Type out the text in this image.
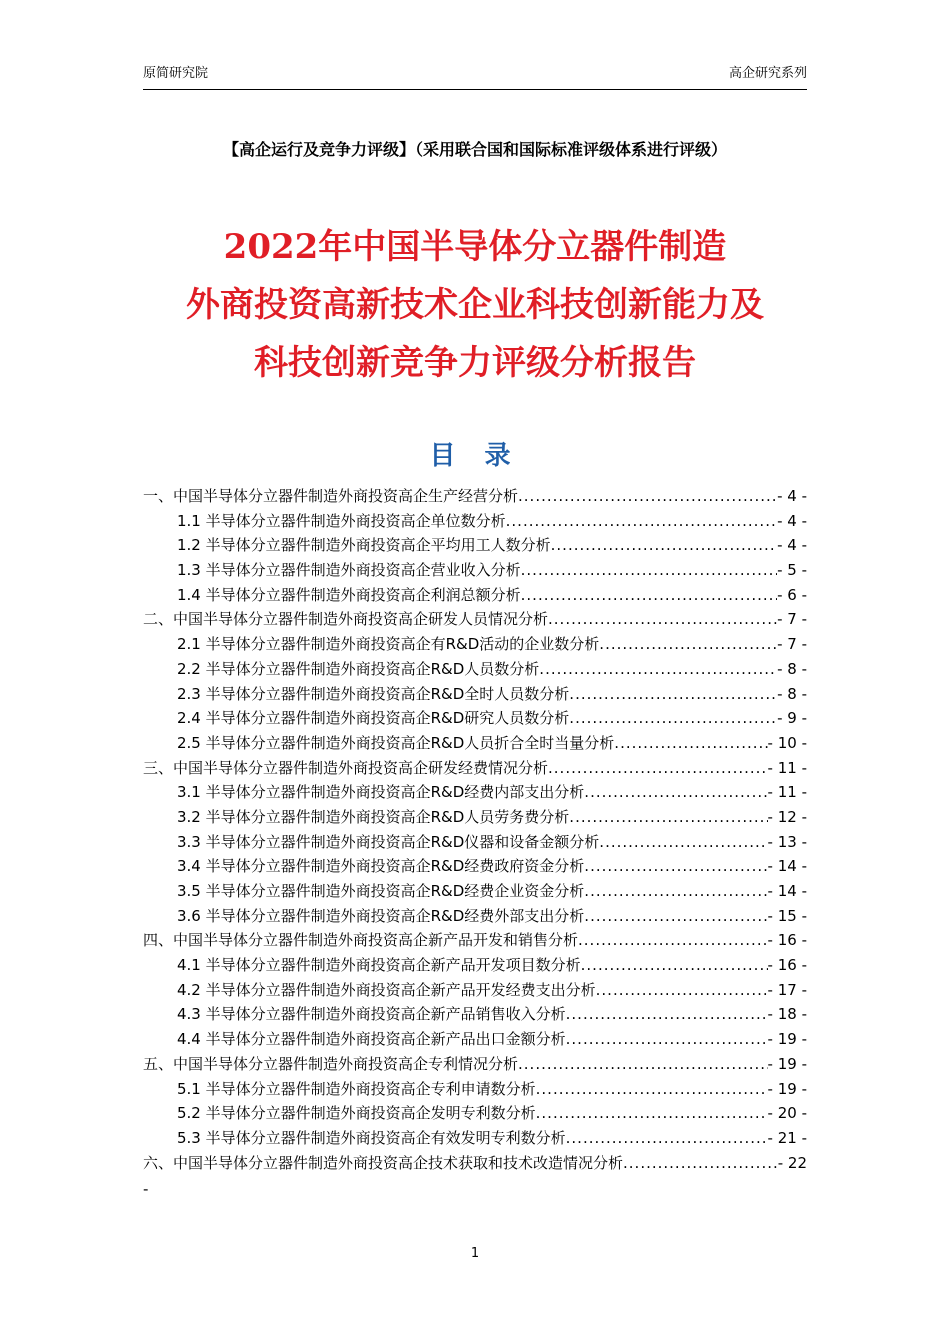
原简研究院	高企研究系列
【高企运行及竞争力评级】（采用联合国和国际标准评级体系进行评级）
2022年中国半导体分立器件制造
外商投资高新技术企业科技创新能力及
科技创新竞争力评级分析报告
目 录
一、中国半导体分立器件制造外商投资高企生产经营分析 .....	- 4 -
1.1 半导体分立器件制造外商投资高企单位数分析 .....	- 4 -
1.2 半导体分立器件制造外商投资高企平均用工人数分析 .....	- 4 -
1.3 半导体分立器件制造外商投资高企营业收入分析 .....	- 5 -
1.4 半导体分立器件制造外商投资高企利润总额分析 .....	- 6 -
二、中国半导体分立器件制造外商投资高企研发人员情况分析 .....	- 7 -
2.1 半导体分立器件制造外商投资高企有R&D活动的企业数分析 .....	- 7 -
2.2 半导体分立器件制造外商投资高企R&D人员数分析 .....	- 8 -
2.3 半导体分立器件制造外商投资高企R&D全时人员数分析 .....	- 8 -
2.4 半导体分立器件制造外商投资高企R&D研究人员数分析 .....	- 9 -
2.5 半导体分立器件制造外商投资高企R&D人员折合全时当量分析 .....	- 10 -
三、中国半导体分立器件制造外商投资高企研发经费情况分析 .....	- 11 -
3.1 半导体分立器件制造外商投资高企R&D经费内部支出分析 .....	- 11 -
3.2 半导体分立器件制造外商投资高企R&D人员劳务费分析 .....	- 12 -
3.3 半导体分立器件制造外商投资高企R&D仪器和设备金额分析 .....	- 13 -
3.4 半导体分立器件制造外商投资高企R&D经费政府资金分析 .....	- 14 -
3.5 半导体分立器件制造外商投资高企R&D经费企业资金分析 .....	- 14 -
3.6 半导体分立器件制造外商投资高企R&D经费外部支出分析 .....	- 15 -
四、中国半导体分立器件制造外商投资高企新产品开发和销售分析 .....	- 16 -
4.1 半导体分立器件制造外商投资高企新产品开发项目数分析 .....	- 16 -
4.2 半导体分立器件制造外商投资高企新产品开发经费支出分析 .....	- 17 -
4.3 半导体分立器件制造外商投资高企新产品销售收入分析 .....	- 18 -
4.4 半导体分立器件制造外商投资高企新产品出口金额分析 .....	- 19 -
五、中国半导体分立器件制造外商投资高企专利情况分析 .....	- 19 -
5.1 半导体分立器件制造外商投资高企专利申请数分析 .....	- 19 -
5.2 半导体分立器件制造外商投资高企发明专利数分析 .....	- 20 -
5.3 半导体分立器件制造外商投资高企有效发明专利数分析 .....	- 21 -
六、中国半导体分立器件制造外商投资高企技术获取和技术改造情况分析 .....	- 22
-
1
